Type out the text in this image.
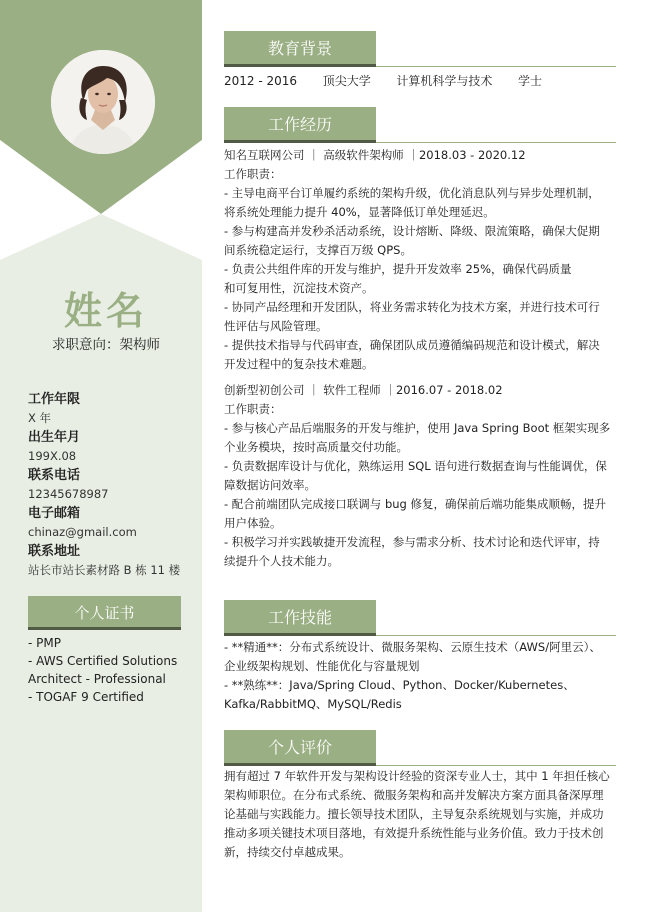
姓名
求职意向：架构师
工作年限
X 年
出生年月
199X.08
联系电话
12345678987
电子邮箱
chinaz@gmail.com
联系地址
站长市站长素材路 B 栋 11 楼
个人证书
- PMP
- AWS Certified Solutions
Architect - Professional
- TOGAF 9 Certified
教育背景
2012 - 2016 顶尖大学 计算机科学与技术 学士
工作经历
知名互联网公司 ｜ 高级软件架构师 ｜2018.03 - 2020.12
工作职责：
- 主导电商平台订单履约系统的架构升级，优化消息队列与异步处理机制，
将系统处理能力提升 40%，显著降低订单处理延迟。
- 参与构建高并发秒杀活动系统，设计熔断、降级、限流策略，确保大促期
间系统稳定运行，支撑百万级 QPS。
- 负责公共组件库的开发与维护，提升开发效率 25%，确保代码质量
和可复用性，沉淀技术资产。
- 协同产品经理和开发团队，将业务需求转化为技术方案，并进行技术可行
性评估与风险管理。
- 提供技术指导与代码审查，确保团队成员遵循编码规范和设计模式，解决
开发过程中的复杂技术难题。
创新型初创公司 ｜ 软件工程师 ｜2016.07 - 2018.02
工作职责：
- 参与核心产品后端服务的开发与维护，使用 Java Spring Boot 框架实现多
个业务模块，按时高质量交付功能。
- 负责数据库设计与优化，熟练运用 SQL 语句进行数据查询与性能调优，保
障数据访问效率。
- 配合前端团队完成接口联调与 bug 修复，确保前后端功能集成顺畅，提升
用户体验。
- 积极学习并实践敏捷开发流程，参与需求分析、技术讨论和迭代评审，持
续提升个人技术能力。
工作技能
- **精通**：分布式系统设计、微服务架构、云原生技术（AWS/阿里云）、
企业级架构规划、性能优化与容量规划
- **熟练**：Java/Spring Cloud、Python、Docker/Kubernetes、
Kafka/RabbitMQ、MySQL/Redis
个人评价
拥有超过 7 年软件开发与架构设计经验的资深专业人士，其中 1 年担任核心
架构师职位。在分布式系统、微服务架构和高并发解决方案方面具备深厚理
论基础与实践能力。擅长领导技术团队，主导复杂系统规划与实施，并成功
推动多项关键技术项目落地，有效提升系统性能与业务价值。致力于技术创
新，持续交付卓越成果。
